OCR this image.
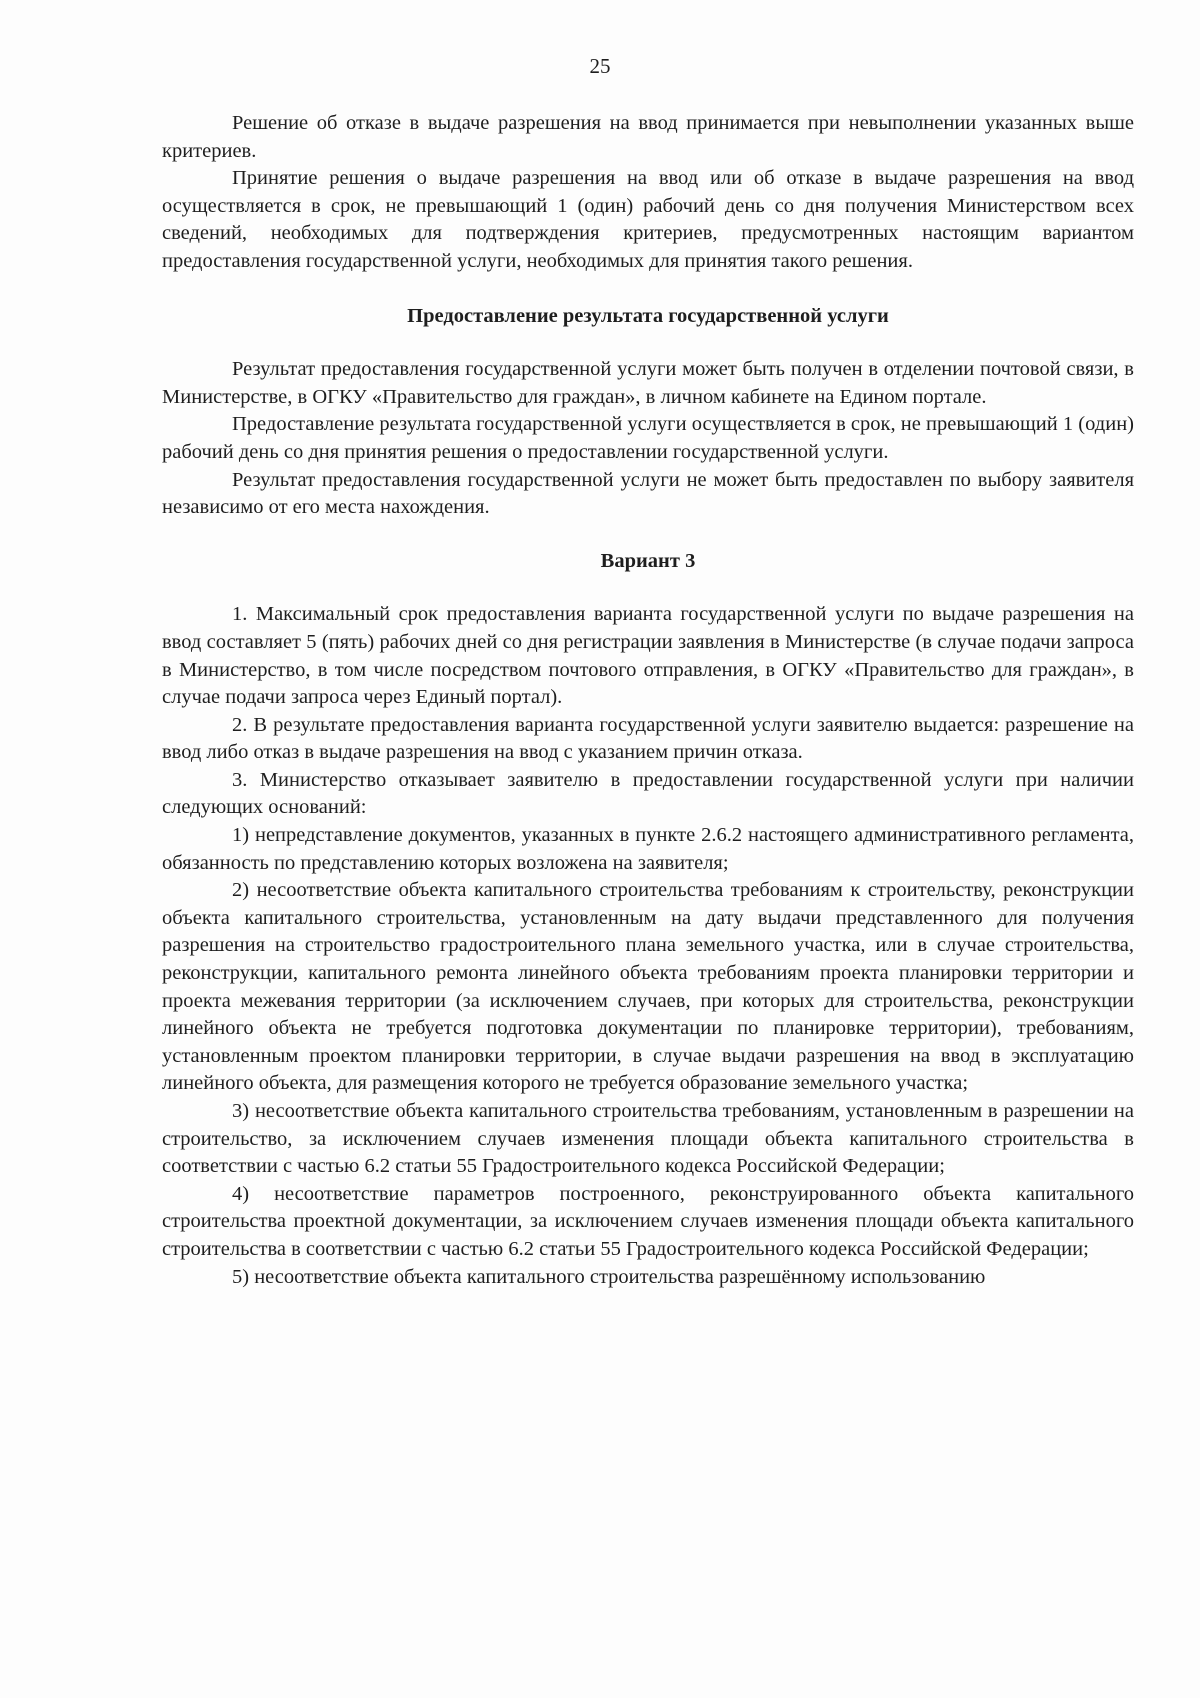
25

Решение об отказе в выдаче разрешения на ввод принимается при невыполнении указанных выше критериев.

Принятие решения о выдаче разрешения на ввод или об отказе в выдаче разрешения на ввод осуществляется в срок, не превышающий 1 (один) рабочий день со дня получения Министерством всех сведений, необходимых для подтверждения критериев, предусмотренных настоящим вариантом предоставления государственной услуги, необходимых для принятия такого решения.

Предоставление результата государственной услуги

Результат предоставления государственной услуги может быть получен в отделении почтовой связи, в Министерстве, в ОГКУ «Правительство для граждан», в личном кабинете на Едином портале.

Предоставление результата государственной услуги осуществляется в срок, не превышающий 1 (один) рабочий день со дня принятия решения о предоставлении государственной услуги.

Результат предоставления государственной услуги не может быть предоставлен по выбору заявителя независимо от его места нахождения.

Вариант 3

1. Максимальный срок предоставления варианта государственной услуги по выдаче разрешения на ввод составляет 5 (пять) рабочих дней со дня регистрации заявления в Министерстве (в случае подачи запроса в Министерство, в том числе посредством почтового отправления, в ОГКУ «Правительство для граждан», в случае подачи запроса через Единый портал).

2. В результате предоставления варианта государственной услуги заявителю выдается: разрешение на ввод либо отказ в выдаче разрешения на ввод с указанием причин отказа.

3. Министерство отказывает заявителю в предоставлении государственной услуги при наличии следующих оснований:

1) непредставление документов, указанных в пункте 2.6.2 настоящего административного регламента, обязанность по представлению которых возложена на заявителя;

2) несоответствие объекта капитального строительства требованиям к строительству, реконструкции объекта капитального строительства, установленным на дату выдачи представленного для получения разрешения на строительство градостроительного плана земельного участка, или в случае строительства, реконструкции, капитального ремонта линейного объекта требованиям проекта планировки территории и проекта межевания территории (за исключением случаев, при которых для строительства, реконструкции линейного объекта не требуется подготовка документации по планировке территории), требованиям, установленным проектом планировки территории, в случае выдачи разрешения на ввод в эксплуатацию линейного объекта, для размещения которого не требуется образование земельного участка;

3) несоответствие объекта капитального строительства требованиям, установленным в разрешении на строительство, за исключением случаев изменения площади объекта капитального строительства в соответствии с частью 6.2 статьи 55 Градостроительного кодекса Российской Федерации;

4) несоответствие параметров построенного, реконструированного объекта капитального строительства проектной документации, за исключением случаев изменения площади объекта капитального строительства в соответствии с частью 6.2 статьи 55 Градостроительного кодекса Российской Федерации;

5) несоответствие объекта капитального строительства разрешённому использованию
